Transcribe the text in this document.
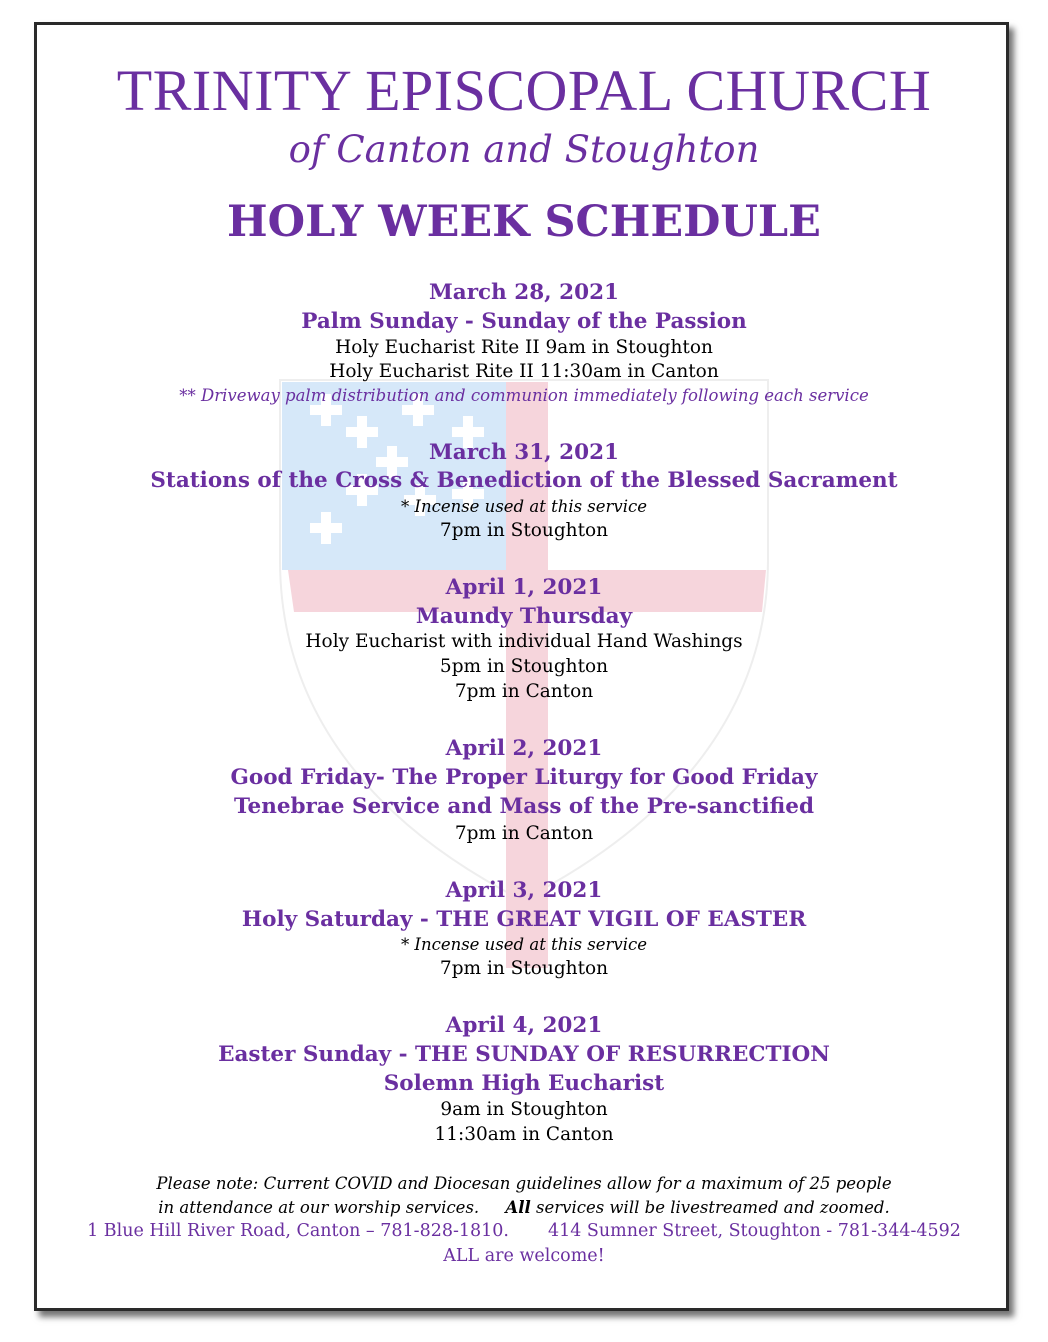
TRINITY EPISCOPAL CHURCH
of Canton and Stoughton
HOLY WEEK SCHEDULE
March 28, 2021
Palm Sunday - Sunday of the Passion
Holy Eucharist Rite II 9am in Stoughton
Holy Eucharist Rite II 11:30am in Canton
** Driveway palm distribution and communion immediately following each service
March 31, 2021
Stations of the Cross & Benediction of the Blessed Sacrament
* Incense used at this service
7pm in Stoughton
April 1, 2021
Maundy Thursday
Holy Eucharist with individual Hand Washings
5pm in Stoughton
7pm in Canton
April 2, 2021
Good Friday- The Proper Liturgy for Good Friday
Tenebrae Service and Mass of the Pre-sanctified
7pm in Canton
April 3, 2021
Holy Saturday - THE GREAT VIGIL OF EASTER
* Incense used at this service
7pm in Stoughton
April 4, 2021
Easter Sunday - THE SUNDAY OF RESURRECTION
Solemn High Eucharist
9am in Stoughton
11:30am in Canton
Please note: Current COVID and Diocesan guidelines allow for a maximum of 25 people
in attendance at our worship services. All services will be livestreamed and zoomed.
1 Blue Hill River Road, Canton – 781-828-1810. 414 Sumner Street, Stoughton - 781-344-4592
ALL are welcome!
